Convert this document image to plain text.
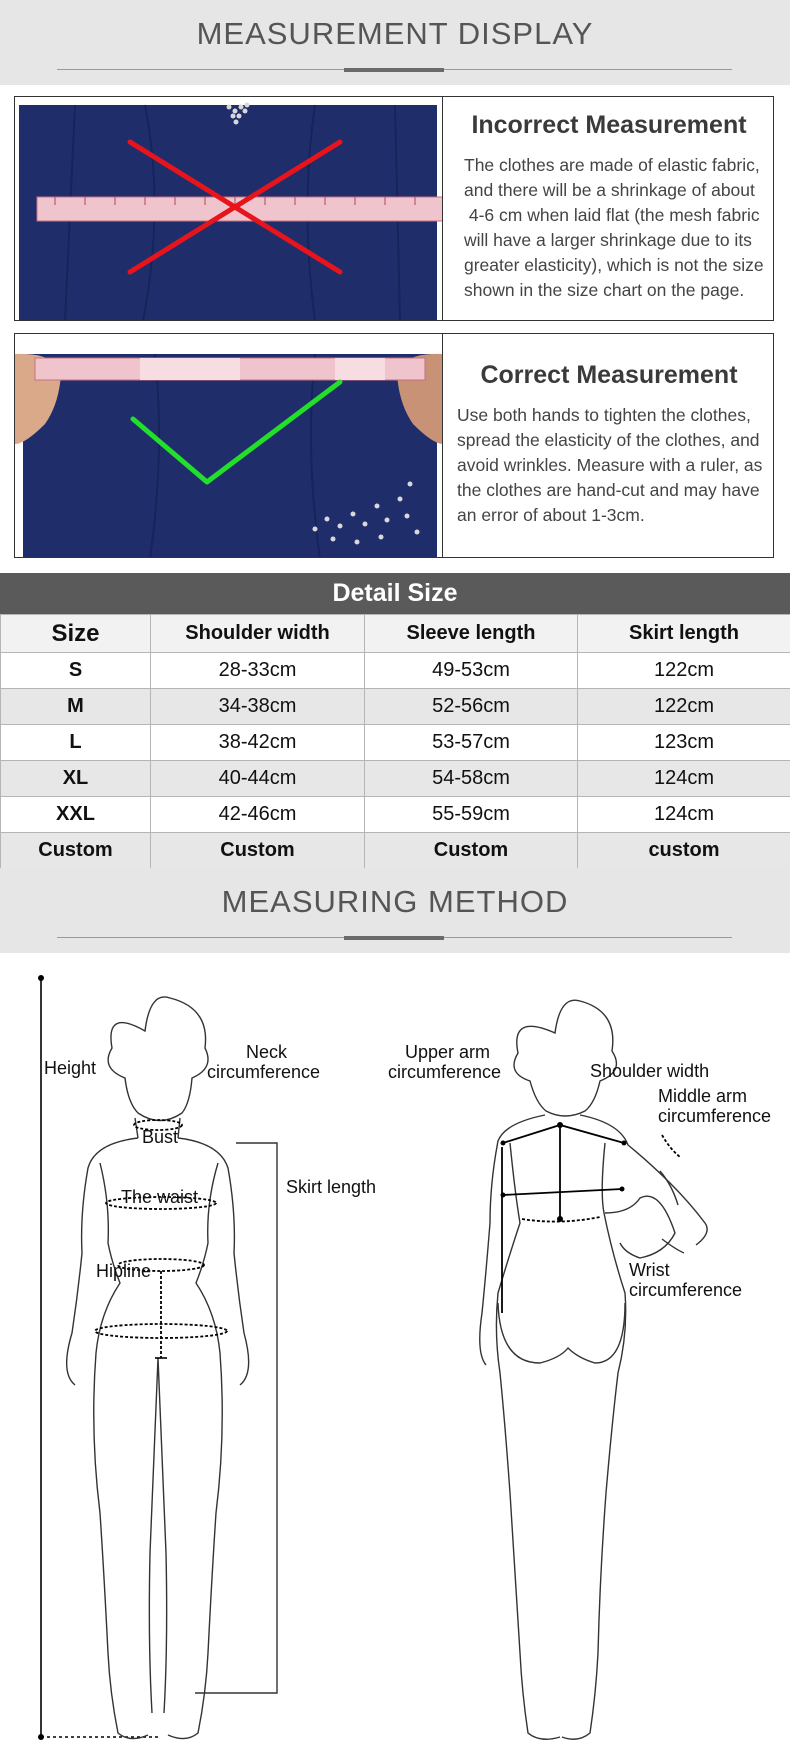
MEASUREMENT DISPLAY
Incorrect Measurement
The clothes are made of elastic fabric,
and there will be a shrinkage of about
4-6 cm when laid flat (the mesh fabric
will have a larger shrinkage due to its
greater elasticity), which is not the size
shown in the size chart on the page.
Correct Measurement
Use both hands to tighten the clothes,
spread the elasticity of the clothes, and
avoid wrinkles. Measure with a ruler, as
the clothes are hand-cut and may have
an error of about 1-3cm.
Detail Size
Size	Shoulder width	Sleeve length	Skirt length
S	28-33cm	49-53cm	122cm
M	34-38cm	52-56cm	122cm
L	38-42cm	53-57cm	123cm
XL	40-44cm	54-58cm	124cm
XXL	42-46cm	55-59cm	124cm
Custom	Custom	Custom	custom
MEASURING METHOD
Height
Neck
circumference
Bust
The waist
Hipline
Skirt length
Upper arm
circumference	Shoulder width
Middle arm
circumference
Wrist
circumference
